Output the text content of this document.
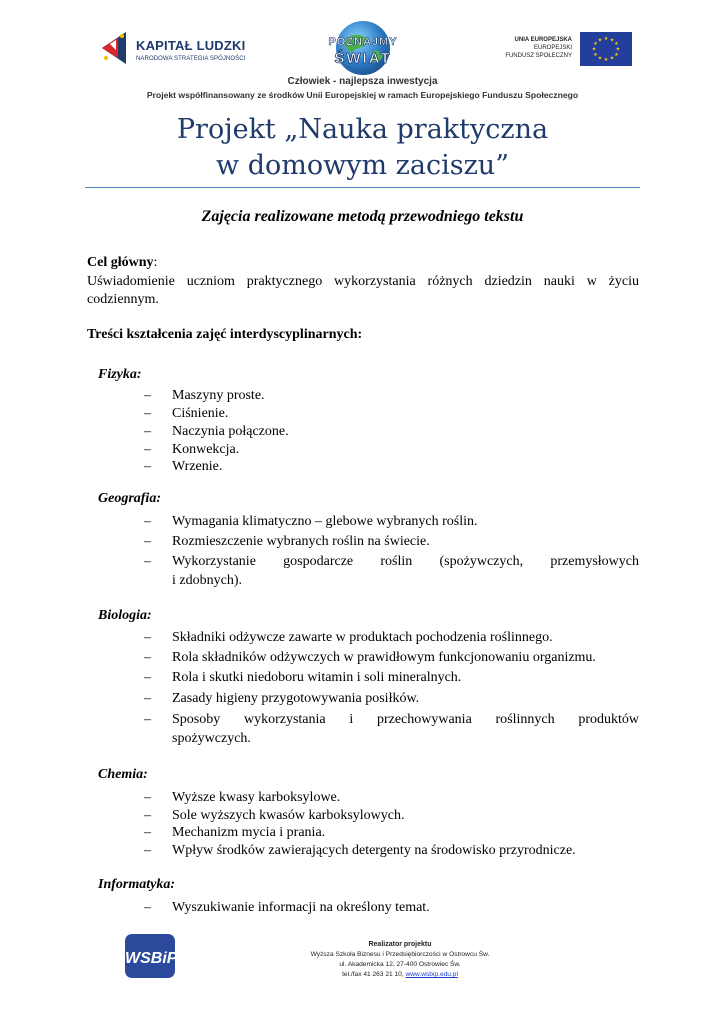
KAPITAŁ LUDZKI
NARODOWA STRATEGIA SPÓJNOŚCI
POZNAJMY
ŚWIAT
UNIA EUROPEJSKA
EUROPEJSKI
FUNDUSZ SPOŁECZNY
★ ★
★
★
★
★
★
★
★
★
★
★
Człowiek - najlepsza inwestycja
Projekt współfinansowany ze środków Unii Europejskiej w ramach Europejskiego Funduszu Społecznego
Projekt „Nauka praktyczna
w domowym zaciszu”
Zajęcia realizowane metodą przewodniego tekstu
Cel główny:
Uświadomienie uczniom praktycznego wykorzystania różnych dziedzin nauki w życiu codziennym.
Treści kształcenia zajęć interdyscyplinarnych:
Fizyka:
– Maszyny proste.
– Ciśnienie.
– Naczynia połączone.
– Konwekcja.
– Wrzenie.
Geografia:
– Wymagania klimatyczno – glebowe wybranych roślin.
– Rozmieszczenie wybranych roślin na świecie.
– Wykorzystanie gospodarcze roślin (spożywczych, przemysłowych
i zdobnych).
Biologia:
– Składniki odżywcze zawarte w produktach pochodzenia roślinnego.
– Rola składników odżywczych w prawidłowym funkcjonowaniu organizmu.
– Rola i skutki niedoboru witamin i soli mineralnych.
– Zasady higieny przygotowywania posiłków.
– Sposoby wykorzystania i przechowywania roślinnych produktów
spożywczych.
Chemia:
– Wyższe kwasy karboksylowe.
– Sole wyższych kwasów karboksylowych.
– Mechanizm mycia i prania.
– Wpływ środków zawierających detergenty na środowisko przyrodnicze.
Informatyka:
– Wyszukiwanie informacji na określony temat.
WSBiP
Realizator projektu
Wyższa Szkoła Biznesu i Przedsiębiorczości w Ostrowcu Św.
ul. Akademicka 12, 27-400 Ostrowiec Św.
tel./fax 41 263 21 10, www.wsbip.edu.pl
